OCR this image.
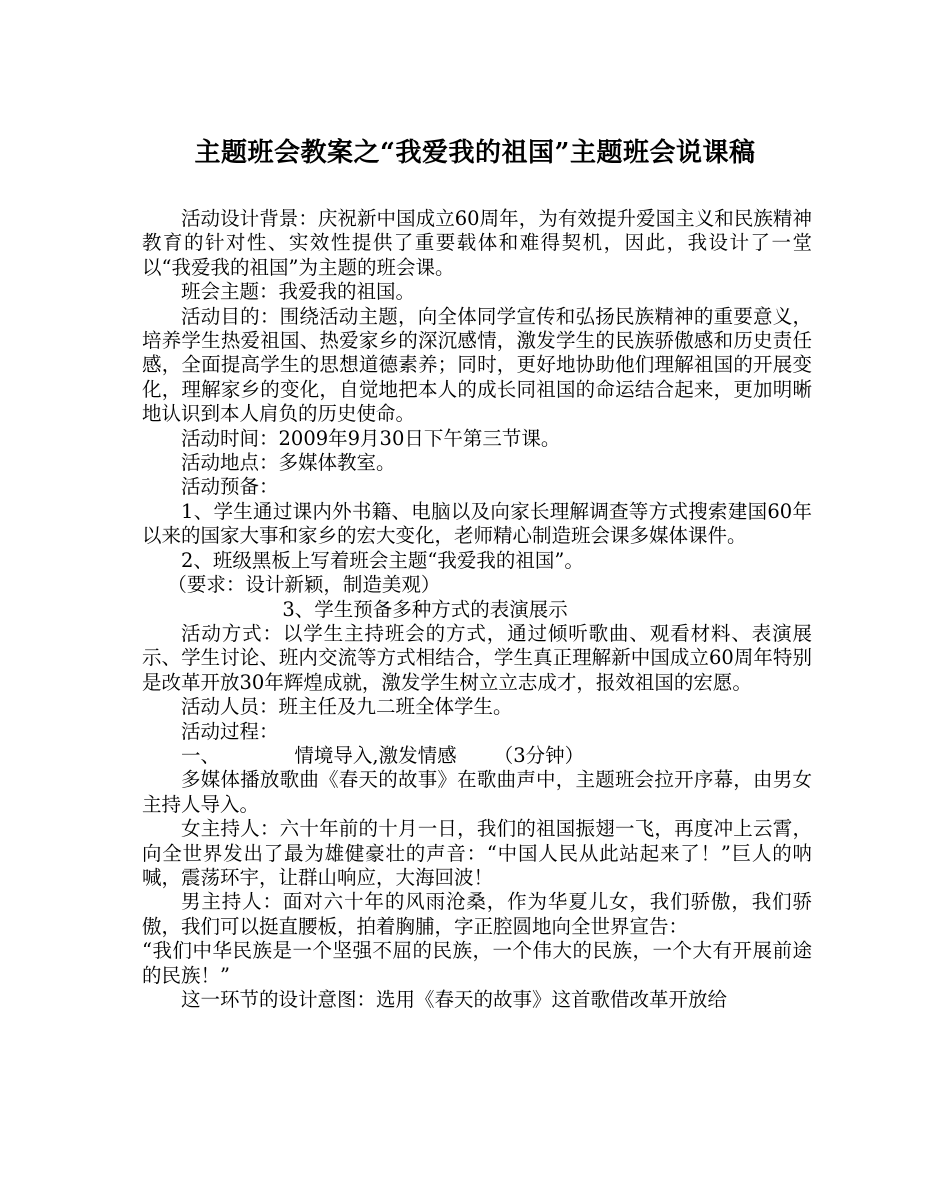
主题班会教案之“我爱我的祖国”主题班会说课稿

活动设计背景：庆祝新中国成立60周年，为有效提升爱国主义和民族精神教育的针对性、实效性提供了重要载体和难得契机，因此，我设计了一堂以“我爱我的祖国”为主题的班会课。

班会主题：我爱我的祖国。

活动目的：围绕活动主题，向全体同学宣传和弘扬民族精神的重要意义，培养学生热爱祖国、热爱家乡的深沉感情，激发学生的民族骄傲感和历史责任感，全面提高学生的思想道德素养；同时，更好地协助他们理解祖国的开展变化，理解家乡的变化，自觉地把本人的成长同祖国的命运结合起来，更加明晰地认识到本人肩负的历史使命。

活动时间：2009年9月30日下午第三节课。

活动地点：多媒体教室。

活动预备：

1、学生通过课内外书籍、电脑以及向家长理解调查等方式搜索建国60年以来的国家大事和家乡的宏大变化，老师精心制造班会课多媒体课件。

2、班级黑板上写着班会主题“我爱我的祖国”。

（要求：设计新颖，制造美观）

3、学生预备多种方式的表演展示

活动方式：以学生主持班会的方式，通过倾听歌曲、观看材料、表演展示、学生讨论、班内交流等方式相结合，学生真正理解新中国成立60周年特别是改革开放30年辉煌成就，激发学生树立立志成才，报效祖国的宏愿。

活动人员：班主任及九二班全体学生。

活动过程：

一、            情境导入,激发情感      （3分钟）

多媒体播放歌曲《春天的故事》在歌曲声中，主题班会拉开序幕，由男女主持人导入。

女主持人：六十年前的十月一日，我们的祖国振翅一飞，再度冲上云霄，向全世界发出了最为雄健豪壮的声音：“中国人民从此站起来了！”巨人的呐喊，震荡环宇，让群山响应，大海回波！

男主持人：面对六十年的风雨沧桑，作为华夏儿女，我们骄傲，我们骄傲，我们可以挺直腰板，拍着胸脯，字正腔圆地向全世界宣告：

“我们中华民族是一个坚强不屈的民族，一个伟大的民族，一个大有开展前途的民族！”

这一环节的设计意图：选用《春天的故事》这首歌借改革开放给
